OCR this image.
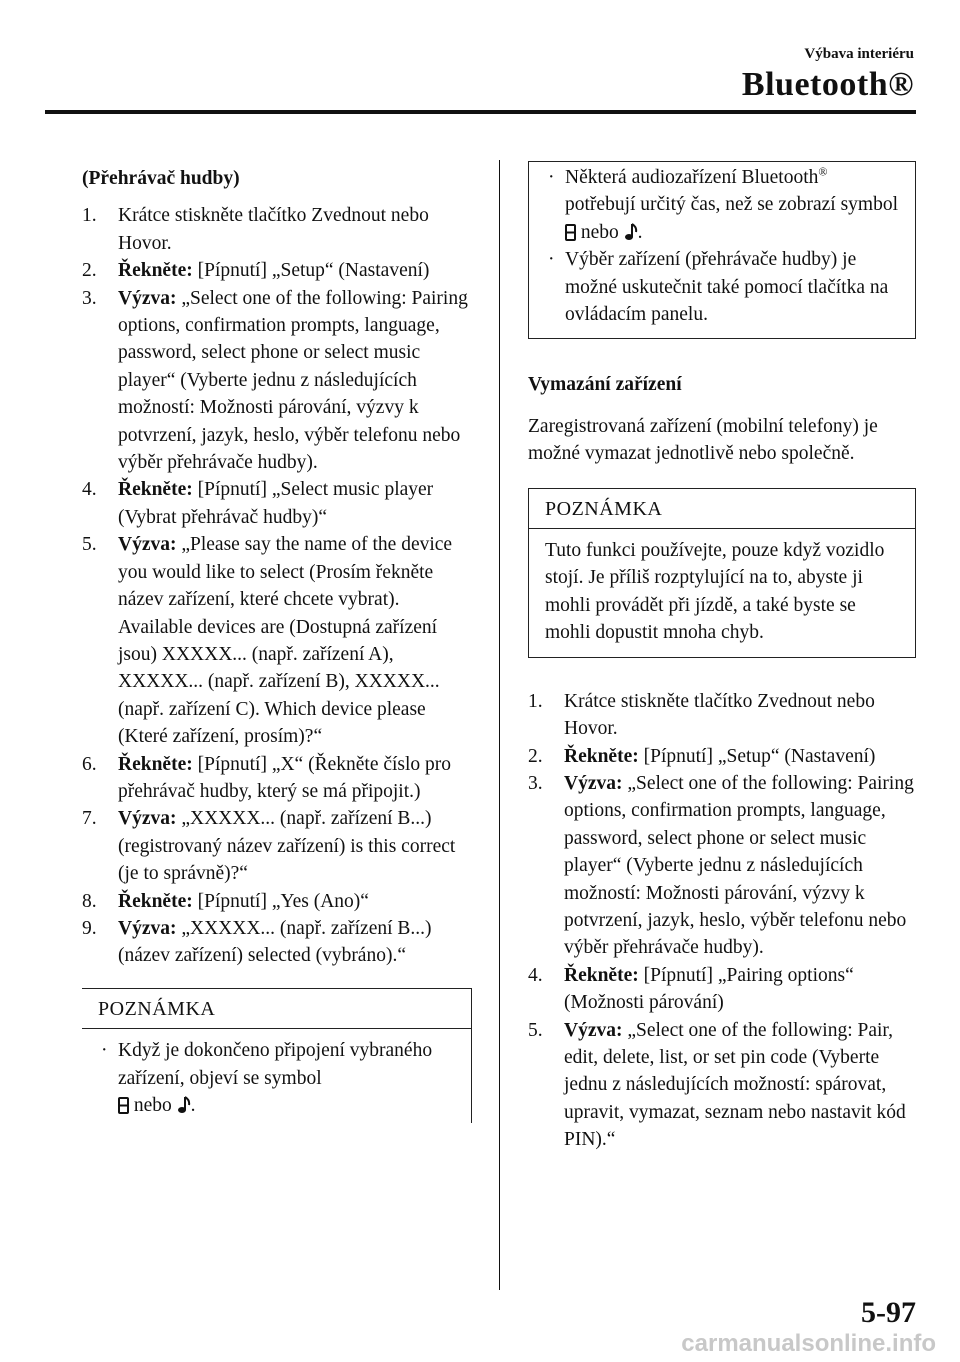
Výbava interiéru
Bluetooth®

(Přehrávač hudby)

1. Krátce stiskněte tlačítko Zvednout nebo Hovor.
2. Řekněte: [Pípnutí] „Setup“ (Nastavení)
3. Výzva: „Select one of the following: Pairing options, confirmation prompts, language, password, select phone or select music player“ (Vyberte jednu z následujících možností: Možnosti párování, výzvy k potvrzení, jazyk, heslo, výběr telefonu nebo výběr přehrávače hudby).
4. Řekněte: [Pípnutí] „Select music player (Vybrat přehrávač hudby)“
5. Výzva: „Please say the name of the device you would like to select (Prosím řekněte název zařízení, které chcete vybrat). Available devices are (Dostupná zařízení jsou) XXXXX... (např. zařízení A), XXXXX... (např. zařízení B), XXXXX... (např. zařízení C). Which device please (Které zařízení, prosím)?“
6. Řekněte: [Pípnutí] „X“ (Řekněte číslo pro přehrávač hudby, který se má připojit.)
7. Výzva: „XXXXX... (např. zařízení B...) (registrovaný název zařízení) is this correct (je to správně)?“
8. Řekněte: [Pípnutí] „Yes (Ano)“
9. Výzva: „XXXXX... (např. zařízení B...) (název zařízení) selected (vybráno).“
POZNÁMKA
· Když je dokončeno připojení vybraného zařízení, objeví se symbol
nebo .
· Některá audiozařízení Bluetooth® potřebují určitý čas, než se zobrazí symbol  nebo .
· Výběr zařízení (přehrávače hudby) je možné uskutečnit také pomocí tlačítka na ovládacím panelu.

Vymazání zařízení

Zaregistrovaná zařízení (mobilní telefony) je možné vymazat jednotlivě nebo společně.

POZNÁMKA
Tuto funkci používejte, pouze když vozidlo stojí. Je příliš rozptylující na to, abyste ji mohli provádět při jízdě, a také byste se mohli dopustit mnoha chyb.
1. Krátce stiskněte tlačítko Zvednout nebo Hovor.
2. Řekněte: [Pípnutí] „Setup“ (Nastavení)
3. Výzva: „Select one of the following: Pairing options, confirmation prompts, language, password, select phone or select music player“ (Vyberte jednu z následujících možností: Možnosti párování, výzvy k potvrzení, jazyk, heslo, výběr telefonu nebo výběr přehrávače hudby).
4. Řekněte: [Pípnutí] „Pairing options“ (Možnosti párování)
5. Výzva: „Select one of the following: Pair, edit, delete, list, or set pin code (Vyberte jednu z následujících možností: spárovat, upravit, vymazat, seznam nebo nastavit kód PIN).“
5-97
carmanualsonline.info
